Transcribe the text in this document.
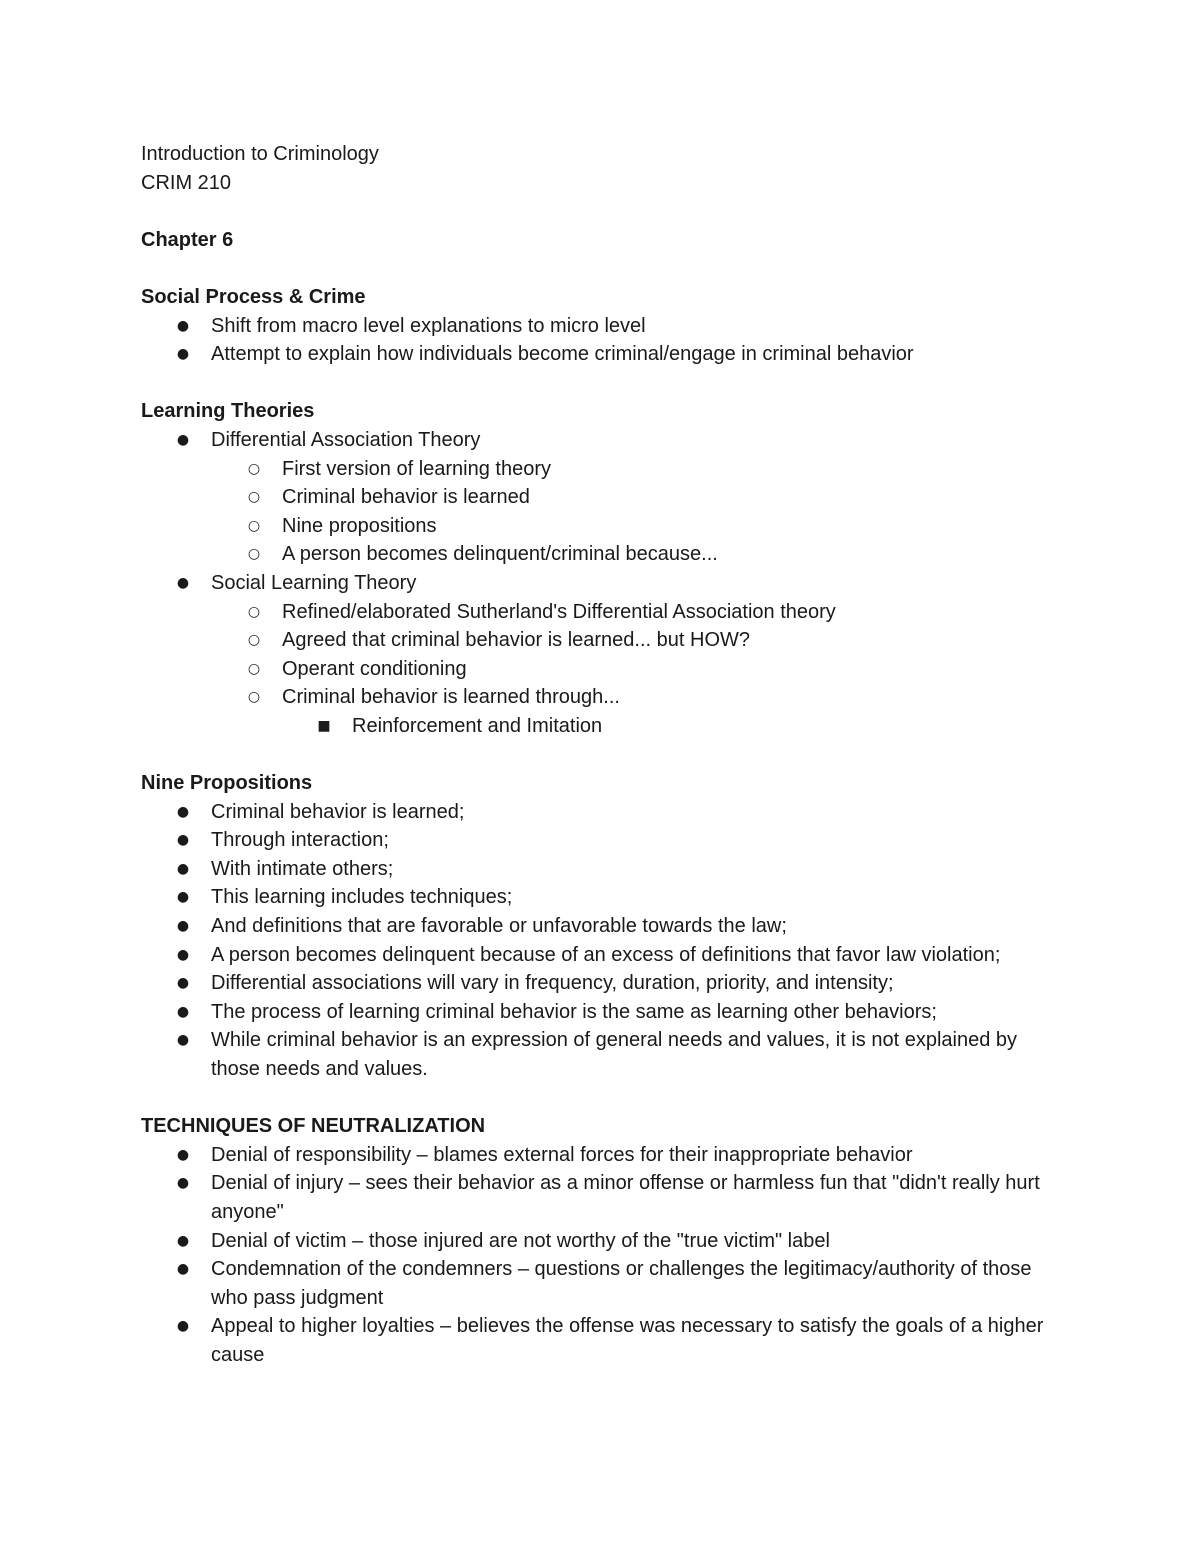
Introduction to Criminology

CRIM 210

Chapter 6

Social Process & Crime

● Shift from macro level explanations to micro level
● Attempt to explain how individuals become criminal/engage in criminal behavior

Learning Theories

● Differential Association Theory
○ First version of learning theory
○ Criminal behavior is learned
○ Nine propositions
○ A person becomes delinquent/criminal because...
● Social Learning Theory
○ Refined/elaborated Sutherland's Differential Association theory
○ Agreed that criminal behavior is learned... but HOW?
○ Operant conditioning
○ Criminal behavior is learned through...
■ Reinforcement and Imitation

Nine Propositions

● Criminal behavior is learned;
● Through interaction;
● With intimate others;
● This learning includes techniques;
● And definitions that are favorable or unfavorable towards the law;
● A person becomes delinquent because of an excess of definitions that favor law violation;
● Differential associations will vary in frequency, duration, priority, and intensity;
● The process of learning criminal behavior is the same as learning other behaviors;
● While criminal behavior is an expression of general needs and values, it is not explained by those needs and values.

TECHNIQUES OF NEUTRALIZATION

● Denial of responsibility – blames external forces for their inappropriate behavior
● Denial of injury – sees their behavior as a minor offense or harmless fun that "didn't really hurt anyone"
● Denial of victim – those injured are not worthy of the "true victim" label
● Condemnation of the condemners – questions or challenges the legitimacy/authority of those who pass judgment
● Appeal to higher loyalties – believes the offense was necessary to satisfy the goals of a higher cause
